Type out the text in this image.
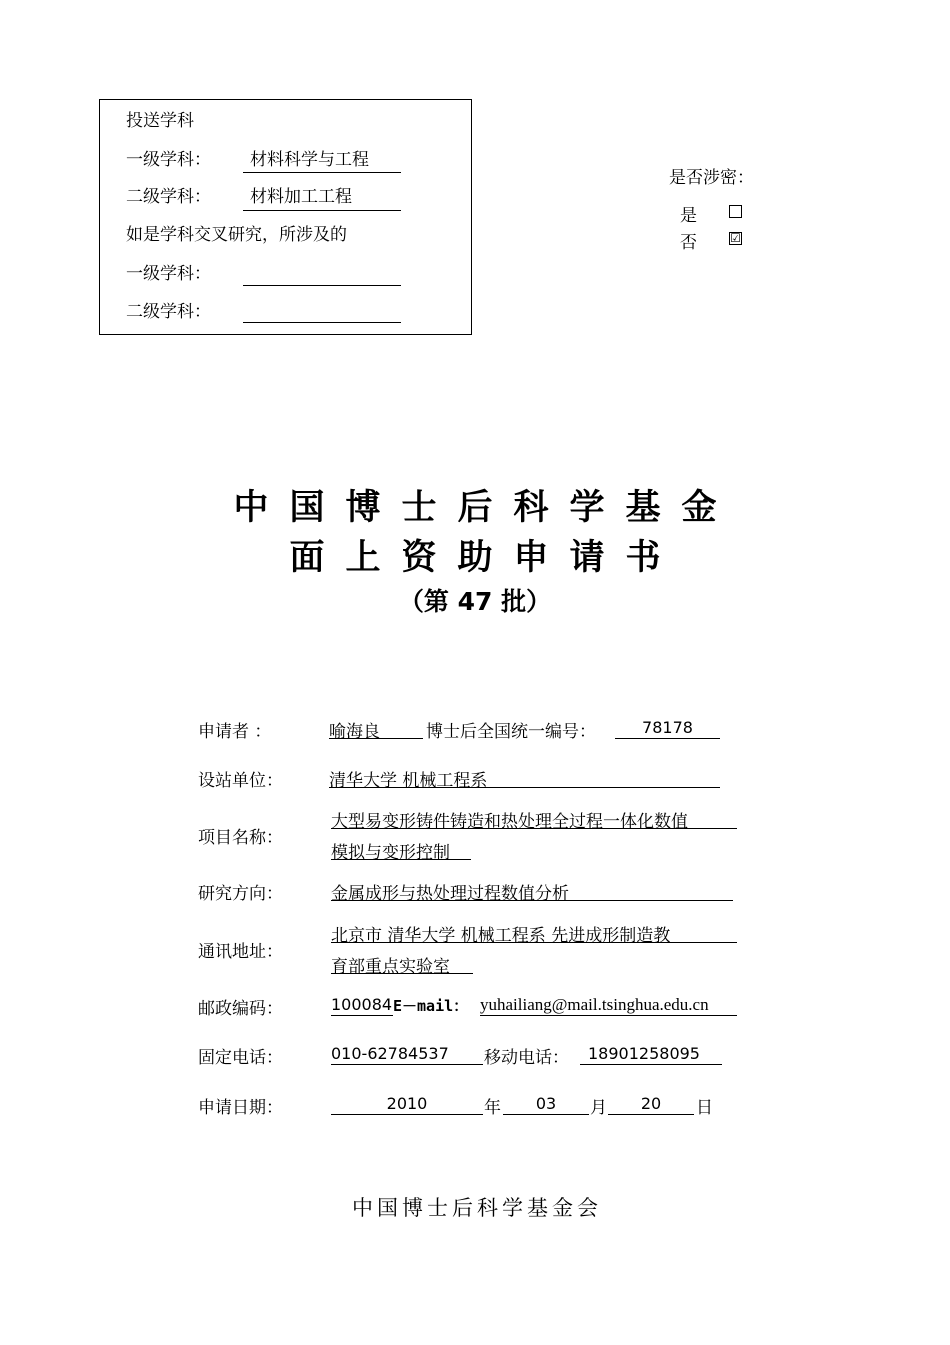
投送学科
一级学科： 材料科学与工程
二级学科： 材料加工工程
如是学科交叉研究，所涉及的
一级学科：
二级学科：
是否涉密：
是
否	☑
中国博士后科学基金
面上资助申请书
（第 47 批）
申请者 ：	喻海良	博士后全国统一编号：	78178
设站单位：	清华大学 机械工程系
项目名称：
大型易变形铸件铸造和热处理全过程一体化数值
模拟与变形控制
研究方向：	金属成形与热处理过程数值分析
通讯地址：
北京市 清华大学 机械工程系 先进成形制造教
育部重点实验室
邮政编码：	100084 E－mail： yuhailiang@mail.tsinghua.edu.cn
固定电话：	010-62784537 移动电话： 18901258095
申请日期：	2010	年	03	月	20	日
中国博士后科学基金会
